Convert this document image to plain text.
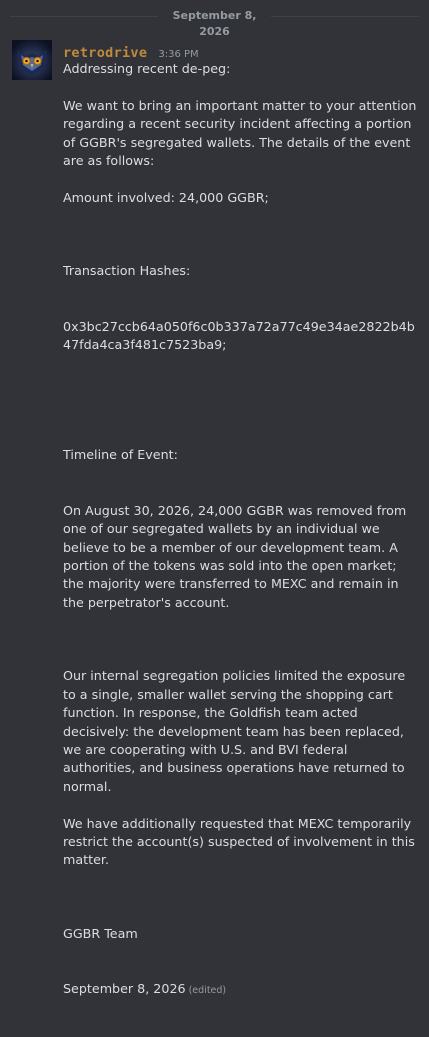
September 8, 2026
retrodrive 3:36 PM
Addressing recent de-peg:
We want to bring an important matter to your attention regarding a recent security incident affecting a portion of GGBR's segregated wallets. The details of the event are as follows:
Amount involved: 24,000 GGBR;

Transaction Hashes:

0x3bc27ccb64a050f6c0b337a72a77c49e34ae2822b4b47fda4ca3f481c7523ba9;

Timeline of Event:

On August 30, 2026, 24,000 GGBR was removed from one of our segregated wallets by an individual we believe to be a member of our development team. A portion of the tokens was sold into the open market; the majority were transferred to MEXC and remain in the perpetrator's account.

Our internal segregation policies limited the exposure to a single, smaller wallet serving the shopping cart function. In response, the Goldfish team acted decisively: the development team has been replaced, we are cooperating with U.S. and BVI federal authorities, and business operations have returned to normal.
We have additionally requested that MEXC temporarily restrict the account(s) suspected of involvement in this matter.

GGBR Team

September 8, 2026 (edited)
